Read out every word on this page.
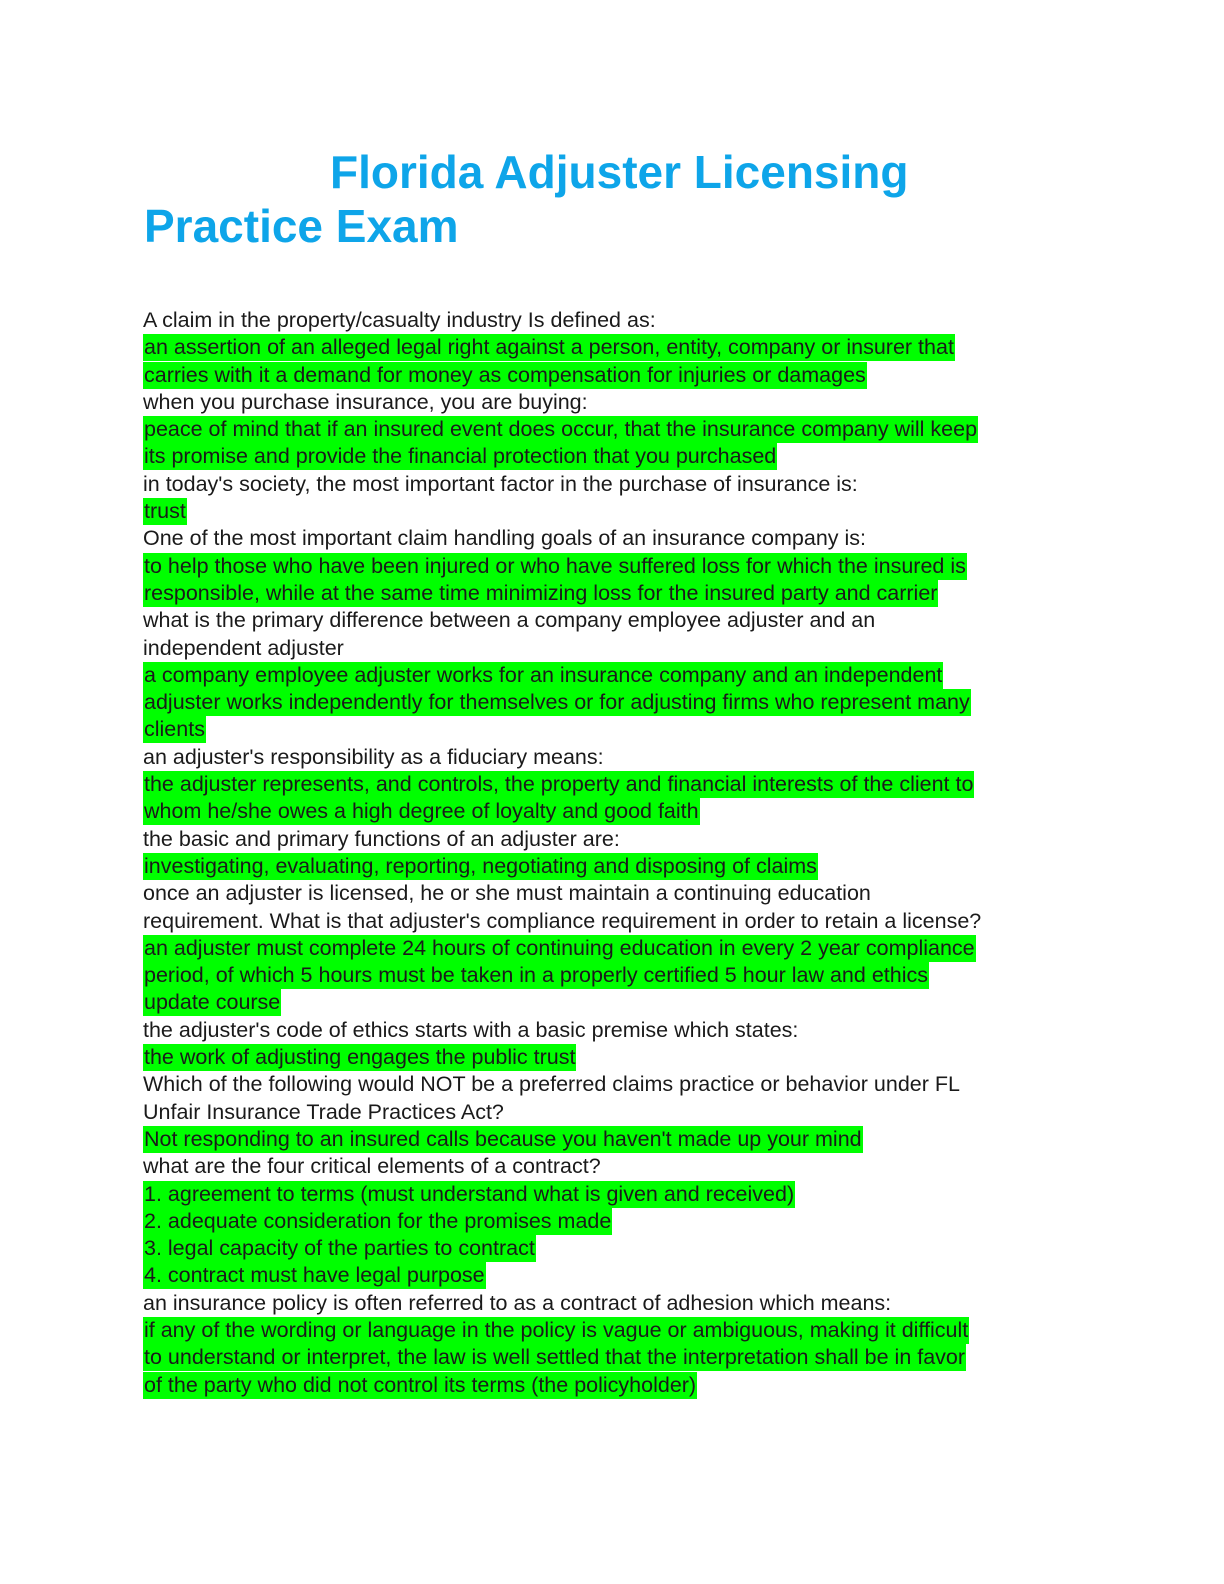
Florida Adjuster Licensing
Practice Exam
A claim in the property/casualty industry Is defined as:
an assertion of an alleged legal right against a person, entity, company or insurer that
carries with it a demand for money as compensation for injuries or damages
when you purchase insurance, you are buying:
peace of mind that if an insured event does occur, that the insurance company will keep
its promise and provide the financial protection that you purchased
in today's society, the most important factor in the purchase of insurance is:
trust
One of the most important claim handling goals of an insurance company is:
to help those who have been injured or who have suffered loss for which the insured is
responsible, while at the same time minimizing loss for the insured party and carrier
what is the primary difference between a company employee adjuster and an
independent adjuster
a company employee adjuster works for an insurance company and an independent
adjuster works independently for themselves or for adjusting firms who represent many
clients
an adjuster's responsibility as a fiduciary means:
the adjuster represents, and controls, the property and financial interests of the client to
whom he/she owes a high degree of loyalty and good faith
the basic and primary functions of an adjuster are:
investigating, evaluating, reporting, negotiating and disposing of claims
once an adjuster is licensed, he or she must maintain a continuing education
requirement. What is that adjuster's compliance requirement in order to retain a license?
an adjuster must complete 24 hours of continuing education in every 2 year compliance
period, of which 5 hours must be taken in a properly certified 5 hour law and ethics
update course
the adjuster's code of ethics starts with a basic premise which states:
the work of adjusting engages the public trust
Which of the following would NOT be a preferred claims practice or behavior under FL
Unfair Insurance Trade Practices Act?
Not responding to an insured calls because you haven't made up your mind
what are the four critical elements of a contract?
1. agreement to terms (must understand what is given and received)
2. adequate consideration for the promises made
3. legal capacity of the parties to contract
4. contract must have legal purpose
an insurance policy is often referred to as a contract of adhesion which means:
if any of the wording or language in the policy is vague or ambiguous, making it difficult
to understand or interpret, the law is well settled that the interpretation shall be in favor
of the party who did not control its terms (the policyholder)
